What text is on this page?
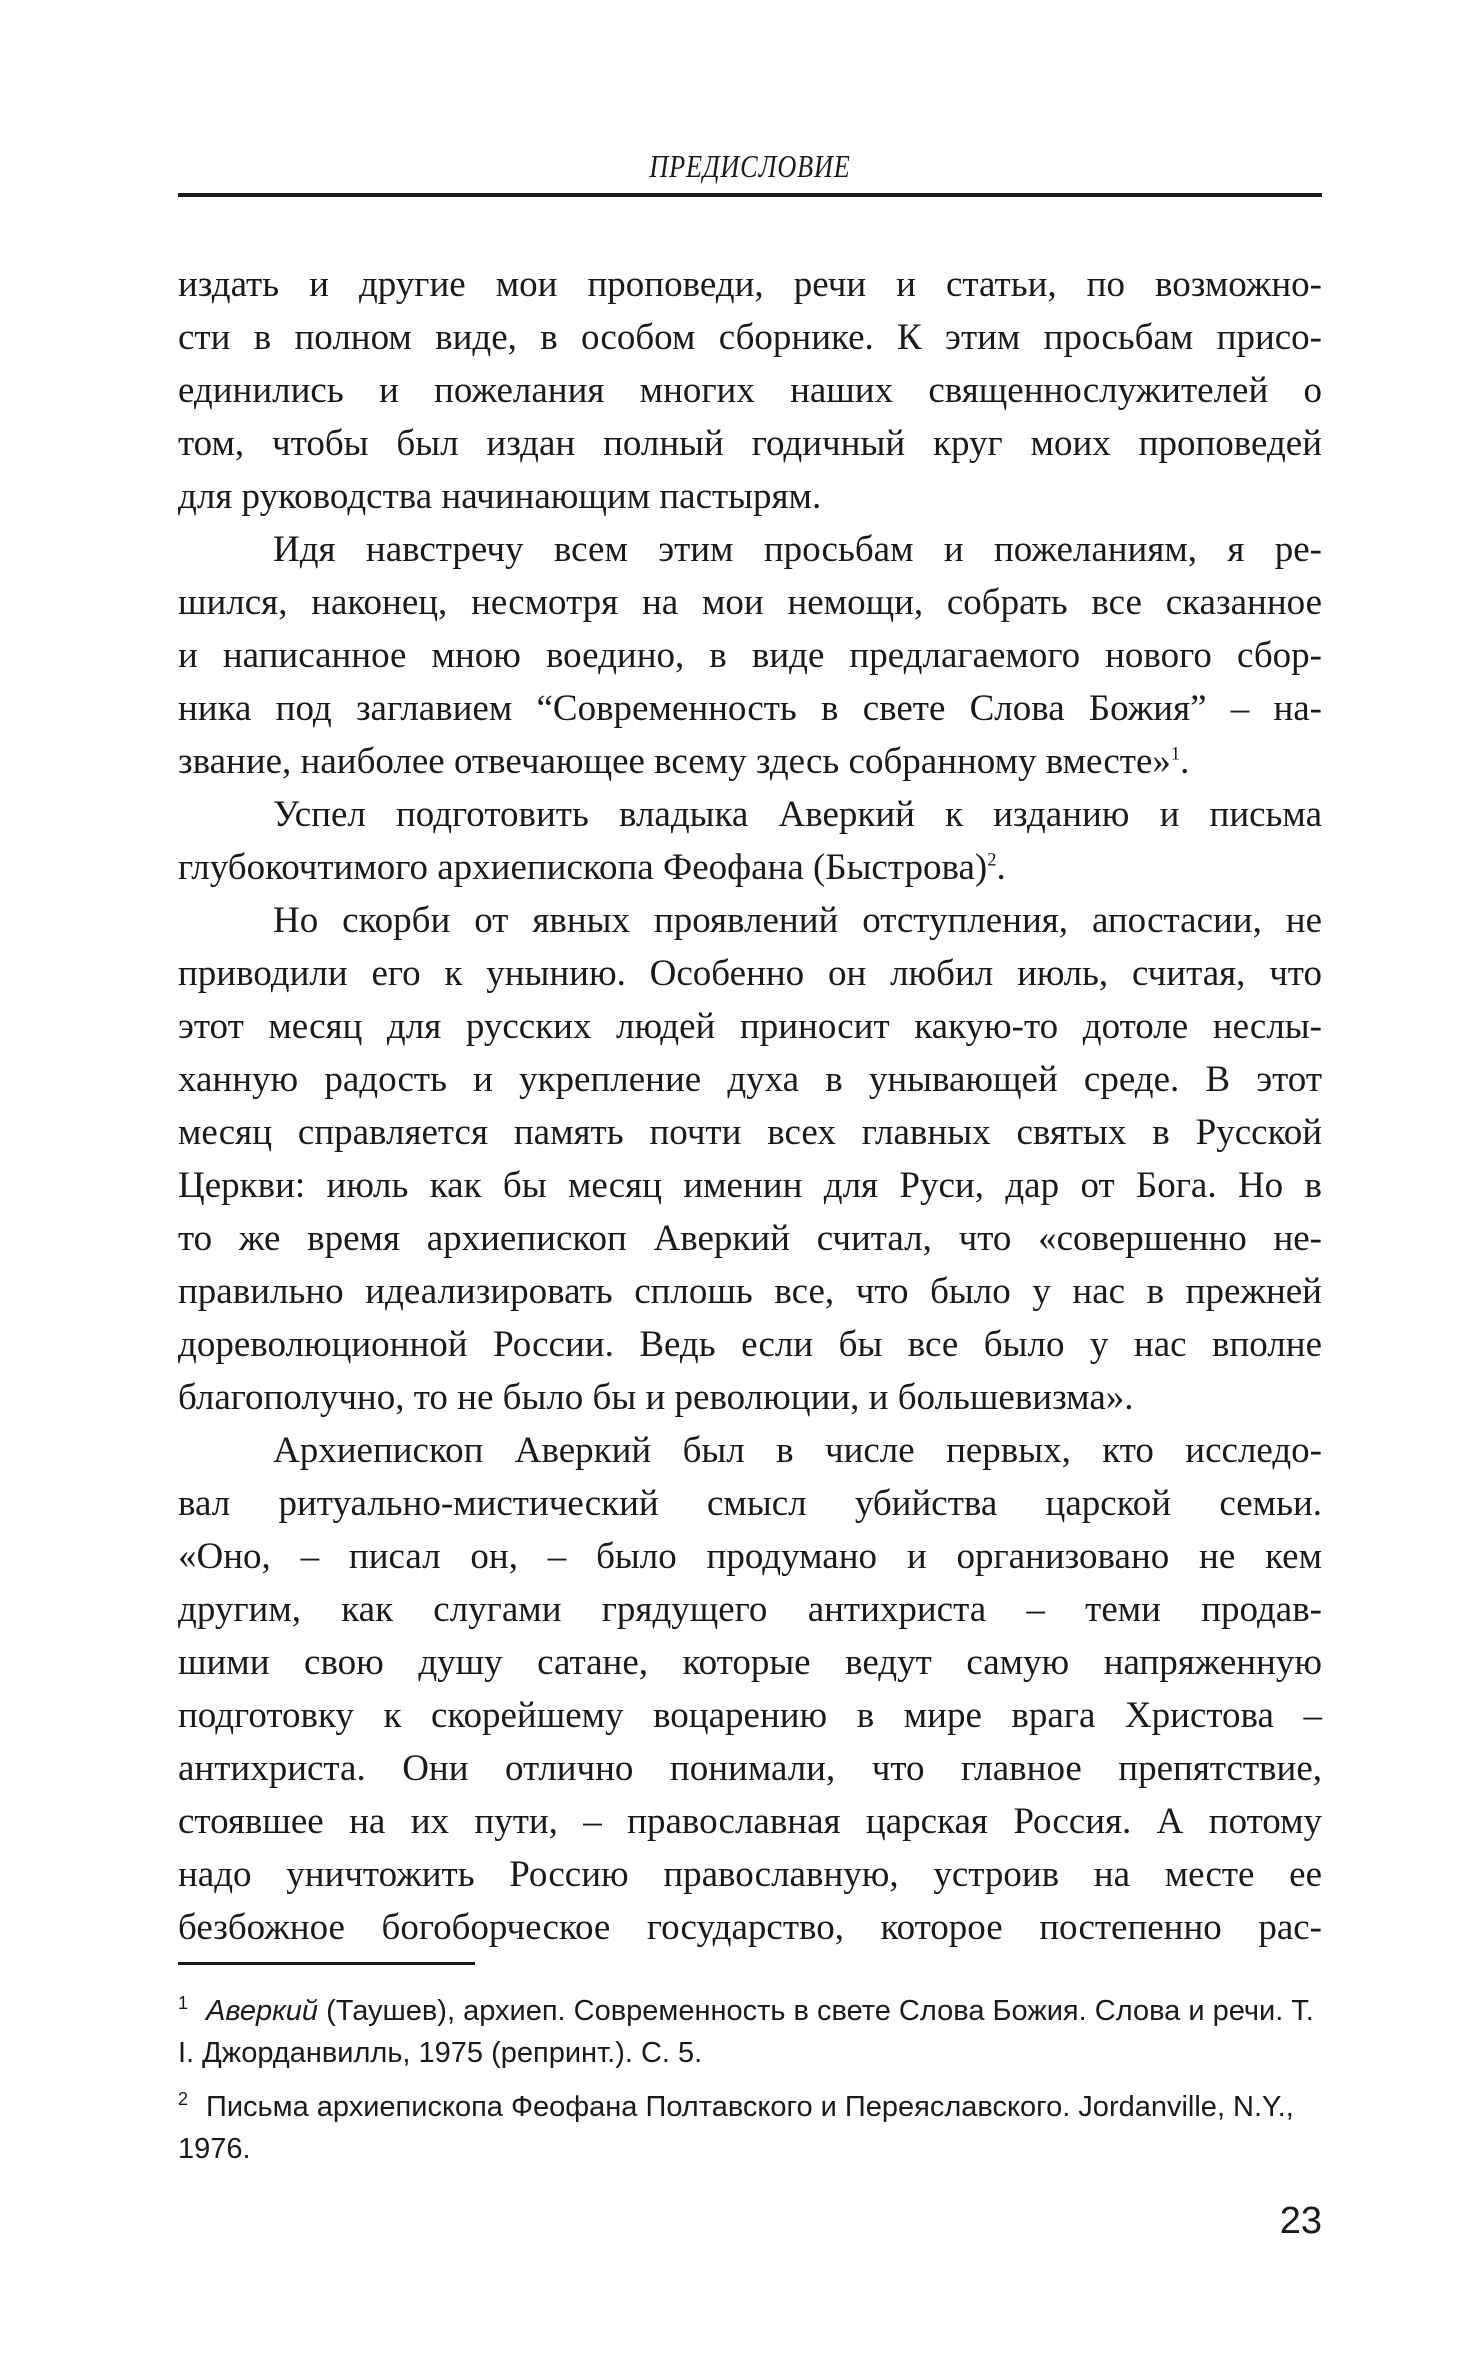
ПРЕДИСЛОВИЕ

издать и другие мои проповеди, речи и статьи, по возможно-
сти в полном виде, в особом сборнике. К этим просьбам присо-
единились и пожелания многих наших священнослужителей о
том, чтобы был издан полный годичный круг моих проповедей
для руководства начинающим пастырям.

Идя навстречу всем этим просьбам и пожеланиям, я ре-
шился, наконец, несмотря на мои немощи, собрать все сказанное
и написанное мною воедино, в виде предлагаемого нового сбор-
ника под заглавием “Современность в свете Слова Божия” – на-
звание, наиболее отвечающее всему здесь собранному вместе»$^1$.

Успел подготовить владыка Аверкий к изданию и письма
глубокочтимого архиепископа Феофана (Быстрова)$^2$.

Но скорби от явных проявлений отступления, апостасии, не
приводили его к унынию. Особенно он любил июль, считая, что
этот месяц для русских людей приносит какую-то дотоле неслы-
ханную радость и укрепление духа в унывающей среде. В этот
месяц справляется память почти всех главных святых в Русской
Церкви: июль как бы месяц именин для Руси, дар от Бога. Но в
то же время архиепископ Аверкий считал, что «совершенно не-
правильно идеализировать сплошь все, что было у нас в прежней
дореволюционной России. Ведь если бы все было у нас вполне
благополучно, то не было бы и революции, и большевизма».

Архиепископ Аверкий был в числе первых, кто исследо-
вал ритуально-мистический смысл убийства царской семьи.
«Оно, – писал он, – было продумано и организовано не кем
другим, как слугами грядущего антихриста – теми продав-
шими свою душу сатане, которые ведут самую напряженную
подготовку к скорейшему воцарению в мире врага Христова –
антихриста. Они отлично понимали, что главное препятствие,
стоявшее на их пути, – православная царская Россия. А потому
надо уничтожить Россию православную, устроив на месте ее
безбожное богоборческое государство, которое постепенно рас-

$^1$ Аверкий (Таушев), архиеп. Современность в свете Слова Божия. Слова и речи. Т. I. Джорданвилль, 1975 (репринт.). С. 5.

$^2$ Письма архиепископа Феофана Полтавского и Переяславского. Jordanville, N.Y., 1976.

23
